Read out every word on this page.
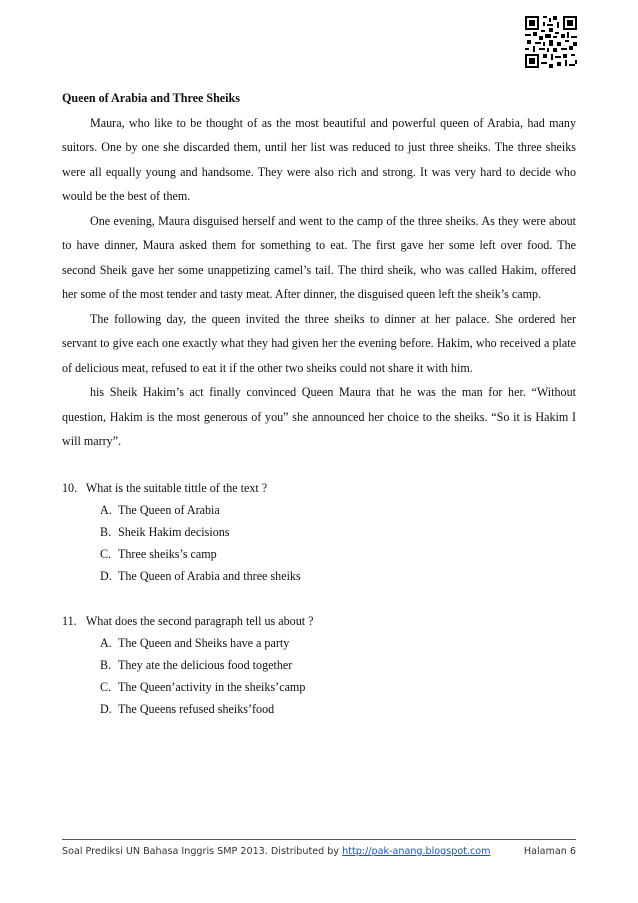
Queen of Arabia and Three Sheiks

Maura, who like to be thought of as the most beautiful and powerful queen of Arabia, had many suitors. One by one she discarded them, until her list was reduced to just three sheiks. The three sheiks were all equally young and handsome. They were also rich and strong. It was very hard to decide who would be the best of them.

One evening, Maura disguised herself and went to the camp of the three sheiks. As they were about to have dinner, Maura asked them for something to eat. The first gave her some left over food. The second Sheik gave her some unappetizing camel’s tail. The third sheik, who was called Hakim, offered her some of the most tender and tasty meat. After dinner, the disguised queen left the sheik’s camp.

The following day, the queen invited the three sheiks to dinner at her palace. She ordered her servant to give each one exactly what they had given her the evening before. Hakim, who received a plate of delicious meat, refused to eat it if the other two sheiks could not share it with him.

his Sheik Hakim’s act finally convinced Queen Maura that he was the man for her. “Without question, Hakim is the most generous of you” she announced her choice to the sheiks. “So it is Hakim I will marry”.

10. What is the suitable tittle of the text ?

A. The Queen of Arabia
B. Sheik Hakim decisions
C. Three sheiks’s camp
D. The Queen of Arabia and three sheiks

11. What does the second paragraph tell us about ?

A. The Queen and Sheiks have a party
B. They ate the delicious food together
C. The Queen’activity in the sheiks’camp
D. The Queens refused sheiks’food
Soal Prediksi UN Bahasa Inggris SMP 2013. Distributed by http://pak-anang.blogspot.com	Halaman 6
